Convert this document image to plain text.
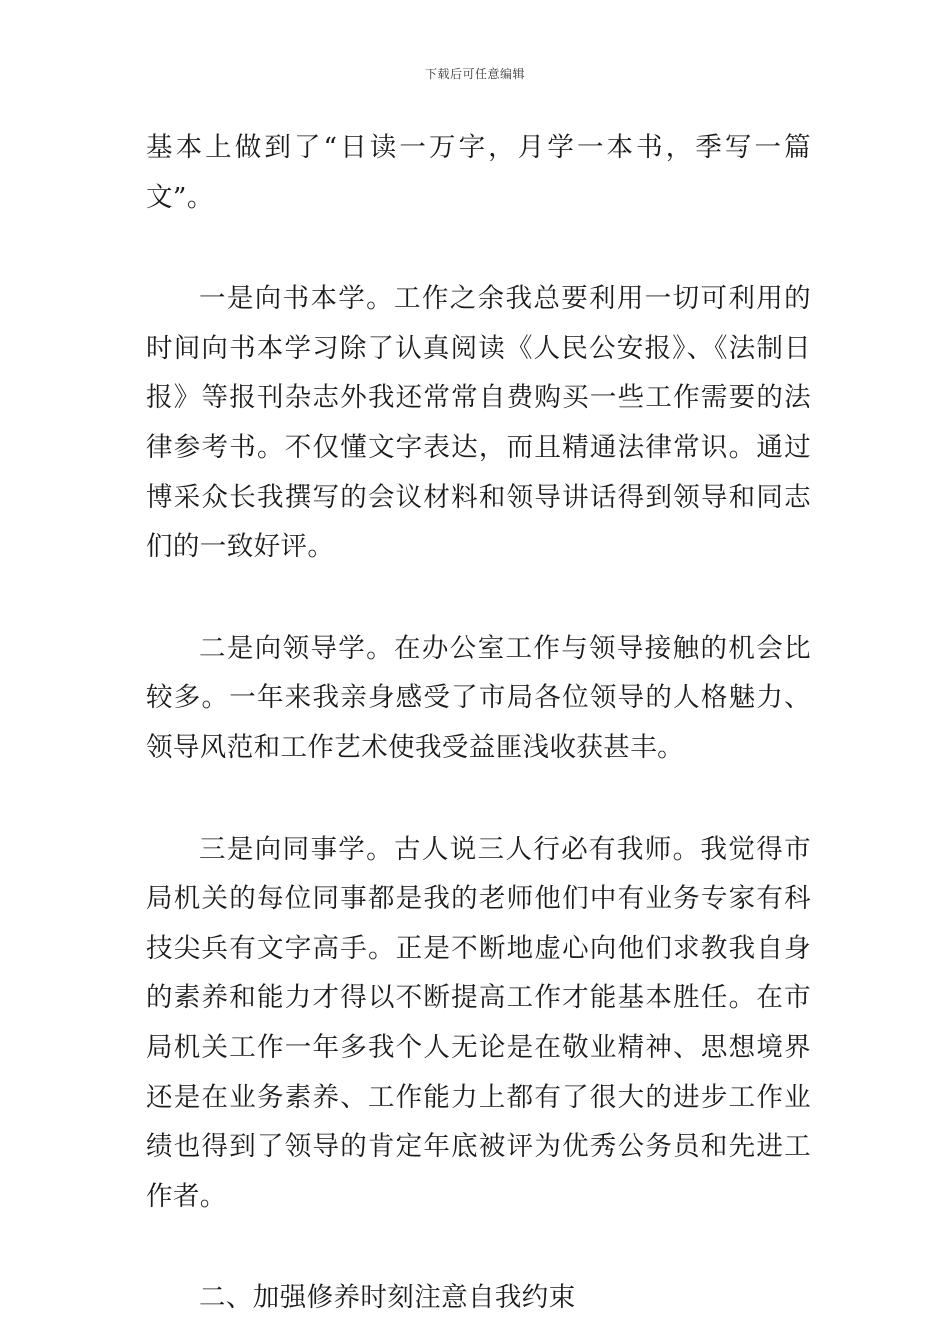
下载后可任意编辑

基本上做到了“日读一万字，月学一本书，季写一篇文”。

一是向书本学。工作之余我总要利用一切可利用的时间向书本学习除了认真阅读《人民公安报》、《法制日报》等报刊杂志外我还常常自费购买一些工作需要的法律参考书。不仅懂文字表达，而且精通法律常识。通过博采众长我撰写的会议材料和领导讲话得到领导和同志们的一致好评。

二是向领导学。在办公室工作与领导接触的机会比较多。一年来我亲身感受了市局各位领导的人格魅力、领导风范和工作艺术使我受益匪浅收获甚丰。

三是向同事学。古人说三人行必有我师。我觉得市局机关的每位同事都是我的老师他们中有业务专家有科技尖兵有文字高手。正是不断地虚心向他们求教我自身的素养和能力才得以不断提高工作才能基本胜任。在市局机关工作一年多我个人无论是在敬业精神、思想境界还是在业务素养、工作能力上都有了很大的进步工作业绩也得到了领导的肯定年底被评为优秀公务员和先进工作者。

二、加强修养时刻注意自我约束
